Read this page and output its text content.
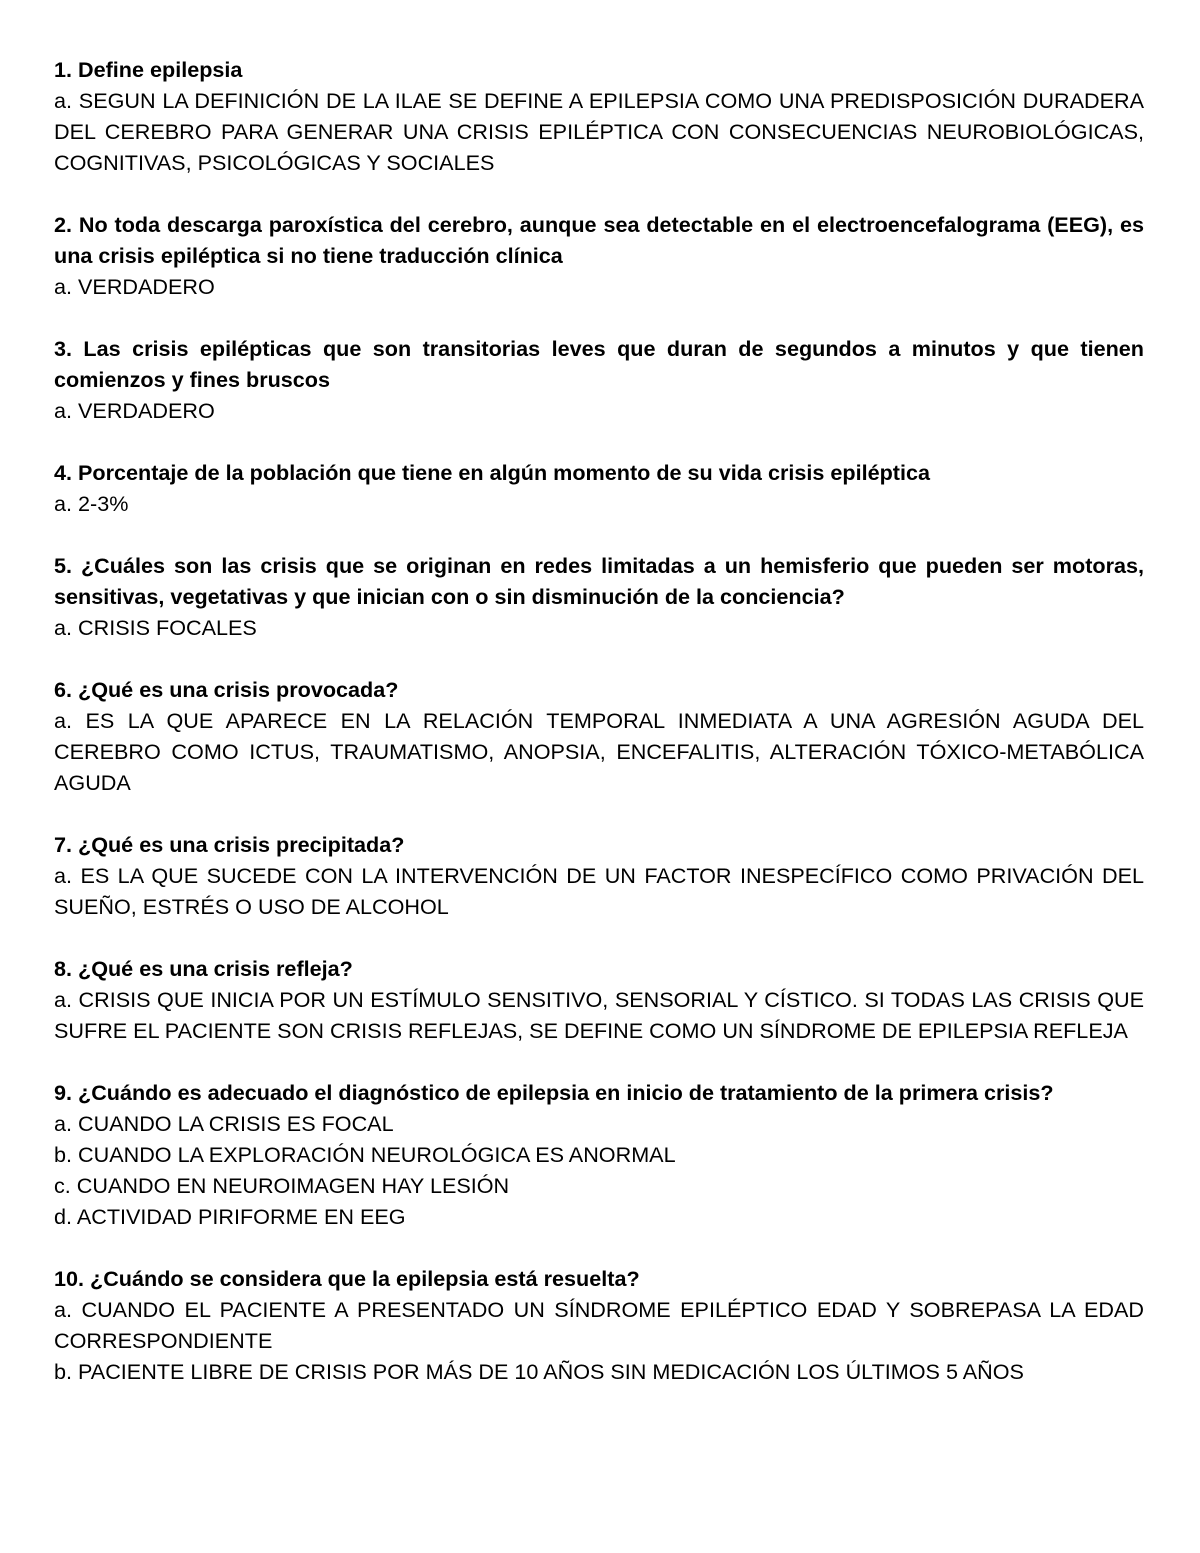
1. Define epilepsia

a. SEGUN LA DEFINICIÓN DE LA ILAE SE DEFINE A EPILEPSIA COMO UNA PREDISPOSICIÓN DURADERA DEL CEREBRO PARA GENERAR UNA CRISIS EPILÉPTICA CON CONSECUENCIAS NEUROBIOLÓGICAS, COGNITIVAS, PSICOLÓGICAS Y SOCIALES

2. No toda descarga paroxística del cerebro, aunque sea detectable en el electroencefalograma (EEG), es una crisis epiléptica si no tiene traducción clínica

a. VERDADERO

3. Las crisis epilépticas que son transitorias leves que duran de segundos a minutos y que tienen comienzos y fines bruscos

a. VERDADERO

4. Porcentaje de la población que tiene en algún momento de su vida crisis epiléptica

a. 2-3%

5. ¿Cuáles son las crisis que se originan en redes limitadas a un hemisferio que pueden ser motoras, sensitivas, vegetativas y que inician con o sin disminución de la conciencia?

a. CRISIS FOCALES

6. ¿Qué es una crisis provocada?

a. ES LA QUE APARECE EN LA RELACIÓN TEMPORAL INMEDIATA A UNA AGRESIÓN AGUDA DEL CEREBRO COMO ICTUS, TRAUMATISMO, ANOPSIA, ENCEFALITIS, ALTERACIÓN TÓXICO-METABÓLICA AGUDA

7. ¿Qué es una crisis precipitada?

a. ES LA QUE SUCEDE CON LA INTERVENCIÓN DE UN FACTOR INESPECÍFICO COMO PRIVACIÓN DEL SUEÑO, ESTRÉS O USO DE ALCOHOL

8. ¿Qué es una crisis refleja?

a. CRISIS QUE INICIA POR UN ESTÍMULO SENSITIVO, SENSORIAL Y CÍSTICO. SI TODAS LAS CRISIS QUE SUFRE EL PACIENTE SON CRISIS REFLEJAS, SE DEFINE COMO UN SÍNDROME DE EPILEPSIA REFLEJA

9. ¿Cuándo es adecuado el diagnóstico de epilepsia en inicio de tratamiento de la primera crisis?

a. CUANDO LA CRISIS ES FOCAL

b. CUANDO LA EXPLORACIÓN NEUROLÓGICA ES ANORMAL

c. CUANDO EN NEUROIMAGEN HAY LESIÓN

d. ACTIVIDAD PIRIFORME EN EEG

10. ¿Cuándo se considera que la epilepsia está resuelta?

a. CUANDO EL PACIENTE A PRESENTADO UN SÍNDROME EPILÉPTICO EDAD Y SOBREPASA LA EDAD CORRESPONDIENTE

b. PACIENTE LIBRE DE CRISIS POR MÁS DE 10 AÑOS SIN MEDICACIÓN LOS ÚLTIMOS 5 AÑOS
